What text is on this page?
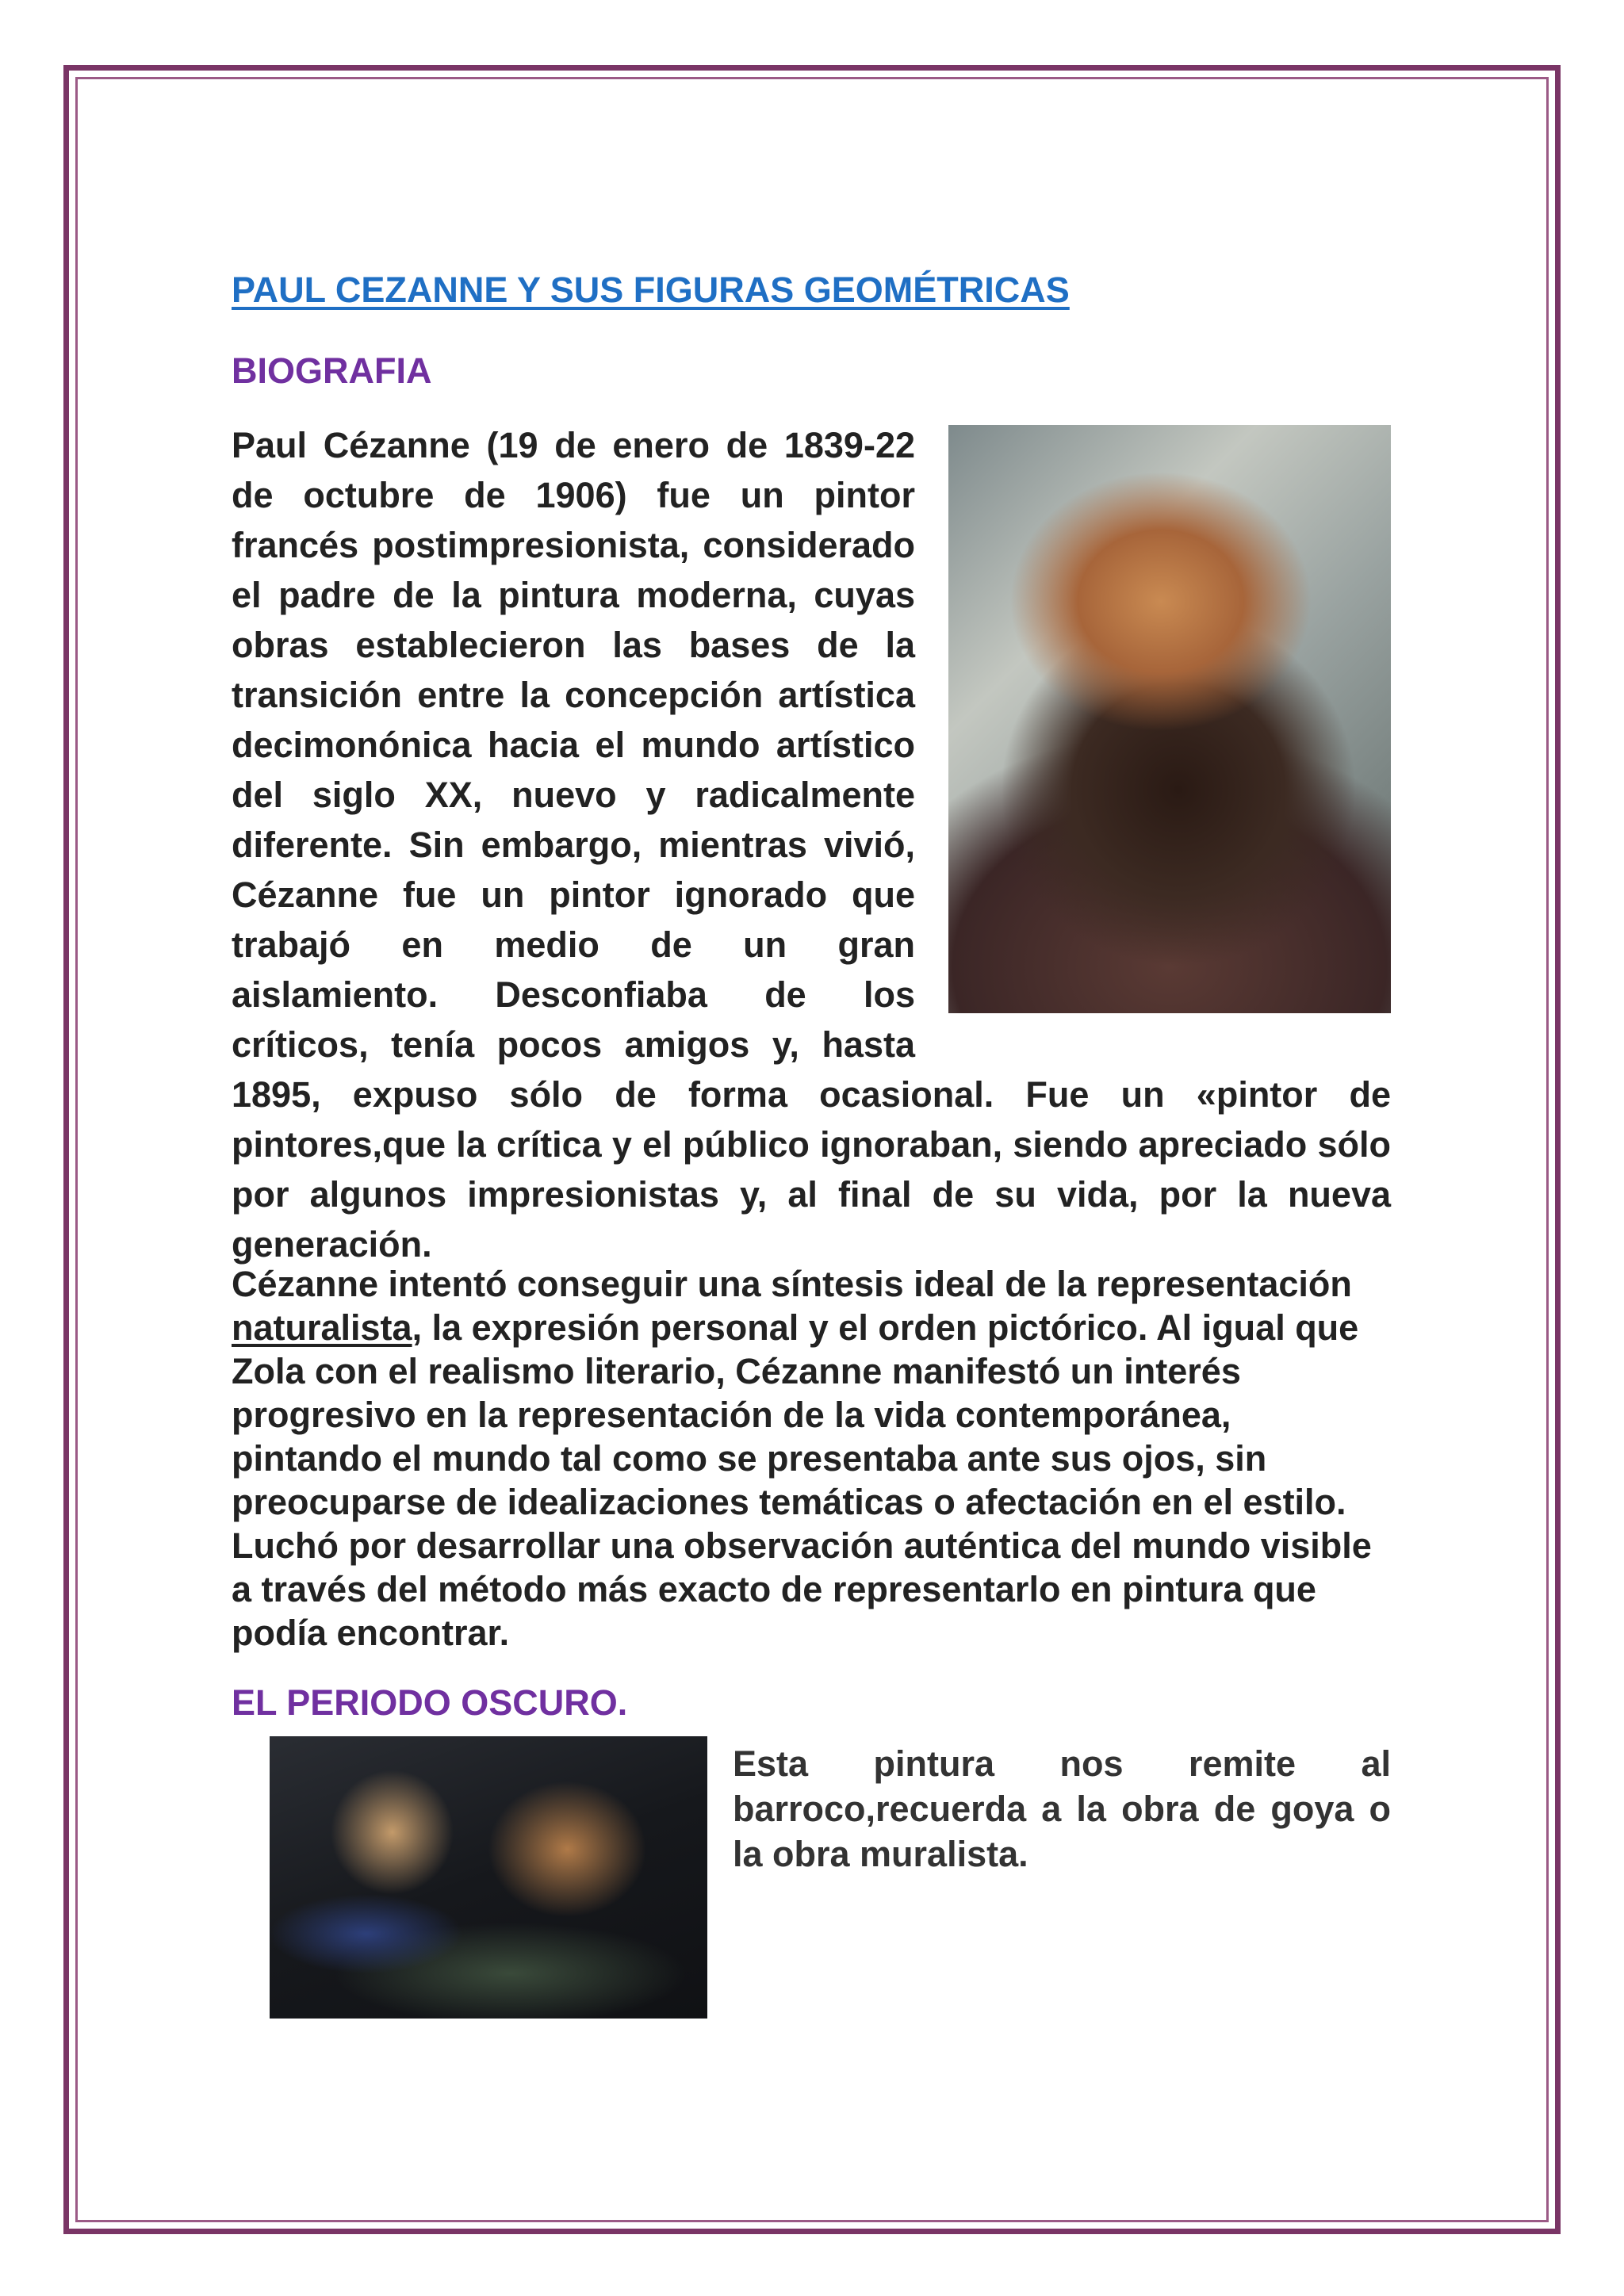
PAUL CEZANNE Y SUS FIGURAS GEOMÉTRICAS
BIOGRAFIA
Paul Cézanne (19 de enero de 1839-22 de octubre de 1906) fue un pintor francés postimpresionista, considerado el padre de la pintura moderna, cuyas obras establecieron las bases de la transición entre la concepción artística decimonónica hacia el mundo artístico del siglo XX, nuevo y radicalmente diferente. Sin embargo, mientras vivió, Cézanne fue un pintor ignorado que trabajó en medio de un gran aislamiento. Desconfiaba de los críticos, tenía pocos amigos y, hasta 1895, expuso sólo de forma ocasional. Fue un «pintor de pintores,que la crítica y el público ignoraban, siendo apreciado sólo por algunos impresionistas y, al final de su vida, por la nueva generación.
Cézanne intentó conseguir una síntesis ideal de la representación naturalista, la expresión personal y el orden pictórico. Al igual que Zola con el realismo literario, Cézanne manifestó un interés progresivo en la representación de la vida contemporánea, pintando el mundo tal como se presentaba ante sus ojos, sin preocuparse de idealizaciones temáticas o afectación en el estilo. Luchó por desarrollar una observación auténtica del mundo visible a través del método más exacto de representarlo en pintura que podía encontrar.
EL PERIODO OSCURO.
Esta pintura nos remite al barroco,recuerda a la obra de goya o la obra muralista.
